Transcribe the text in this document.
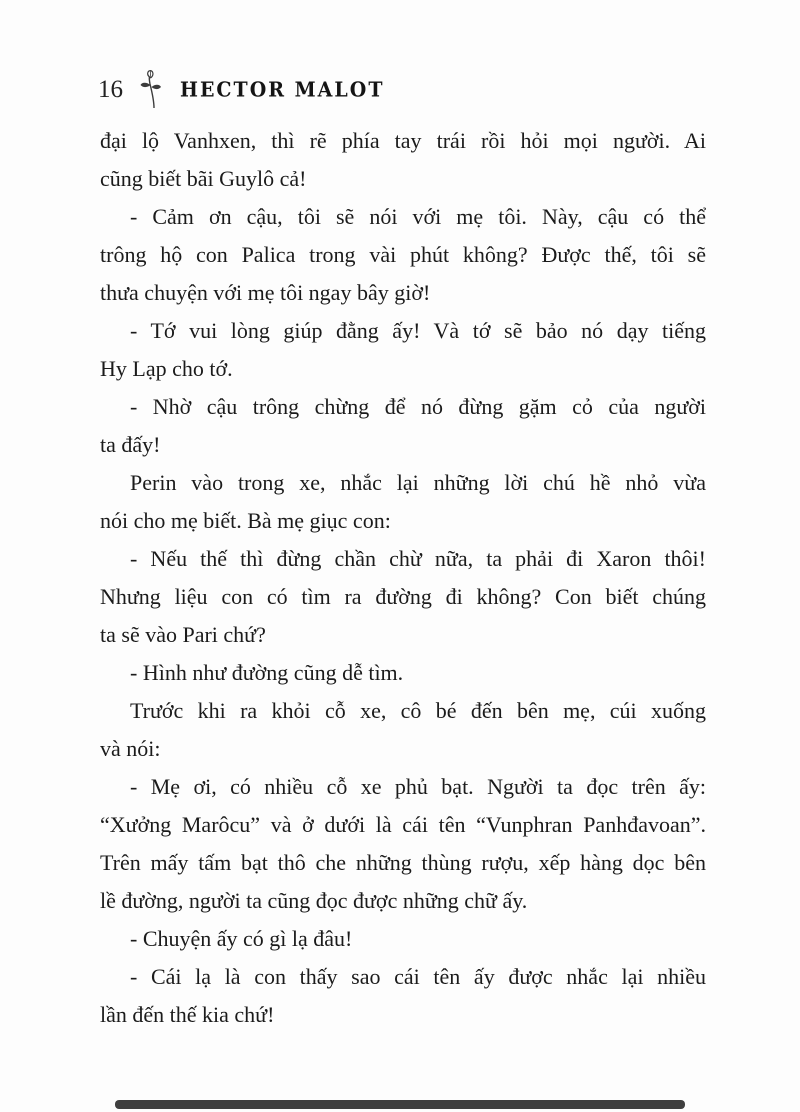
16	HECTOR MALOT

đại lộ Vanhxen, thì rẽ phía tay trái rồi hỏi mọi người. Ai
cũng biết bãi Guylô cả!

- Cảm ơn cậu, tôi sẽ nói với mẹ tôi. Này, cậu có thể
trông hộ con Palica trong vài phút không? Được thế, tôi sẽ
thưa chuyện với mẹ tôi ngay bây giờ!

- Tớ vui lòng giúp đằng ấy! Và tớ sẽ bảo nó dạy tiếng
Hy Lạp cho tớ.

- Nhờ cậu trông chừng để nó đừng gặm cỏ của người
ta đấy!

Perin vào trong xe, nhắc lại những lời chú hề nhỏ vừa
nói cho mẹ biết. Bà mẹ giục con:

- Nếu thế thì đừng chần chừ nữa, ta phải đi Xaron thôi!
Nhưng liệu con có tìm ra đường đi không? Con biết chúng
ta sẽ vào Pari chứ?

- Hình như đường cũng dễ tìm.

Trước khi ra khỏi cỗ xe, cô bé đến bên mẹ, cúi xuống
và nói:

- Mẹ ơi, có nhiều cỗ xe phủ bạt. Người ta đọc trên ấy:
“Xưởng Marôcu” và ở dưới là cái tên “Vunphran Panhđavoan”.
Trên mấy tấm bạt thô che những thùng rượu, xếp hàng dọc bên
lề đường, người ta cũng đọc được những chữ ấy.

- Chuyện ấy có gì lạ đâu!

- Cái lạ là con thấy sao cái tên ấy được nhắc lại nhiều
lần đến thế kia chứ!
